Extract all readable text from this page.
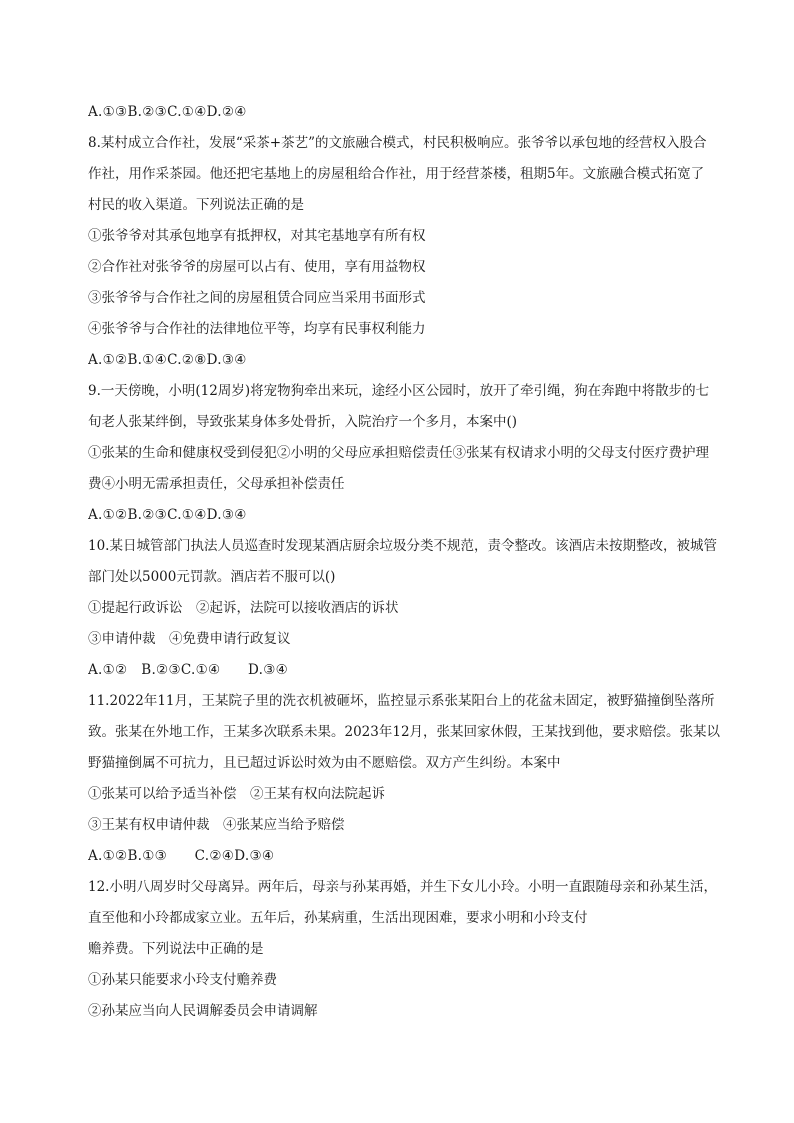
A.①③B.②③C.①④D.②④
8.某村成立合作社，发展“采茶+茶艺”的文旅融合模式，村民积极响应。张爷爷以承包地的经营权入股合
作社，用作采茶园。他还把宅基地上的房屋租给合作社，用于经营茶楼，租期5年。文旅融合模式拓宽了
村民的收入渠道。下列说法正确的是
①张爷爷对其承包地享有抵押权，对其宅基地享有所有权
②合作社对张爷爷的房屋可以占有、使用，享有用益物权
③张爷爷与合作社之间的房屋租赁合同应当采用书面形式
④张爷爷与合作社的法律地位平等，均享有民事权利能力
A.①②B.①④C.②⑧D.③④
9.一天傍晚，小明(12周岁)将宠物狗牵出来玩，途经小区公园时，放开了牵引绳，狗在奔跑中将散步的七
旬老人张某绊倒，导致张某身体多处骨折，入院治疗一个多月，本案中()
①张某的生命和健康权受到侵犯②小明的父母应承担赔偿责任③张某有权请求小明的父母支付医疗费护理
费④小明无需承担责任，父母承担补偿责任
A.①②B.②③C.①④D.③④
10.某日城管部门执法人员巡查时发现某酒店厨余垃圾分类不规范，责令整改。该酒店未按期整改，被城管
部门处以5000元罚款。酒店若不服可以()
①提起行政诉讼　②起诉，法院可以接收酒店的诉状
③申请仲裁　④免费申请行政复议
A.①②　B.②③C.①④　　D.③④
11.2022年11月，王某院子里的洗衣机被砸坏，监控显示系张某阳台上的花盆未固定，被野猫撞倒坠落所
致。张某在外地工作，王某多次联系未果。2023年12月，张某回家休假，王某找到他，要求赔偿。张某以
野猫撞倒属不可抗力，且已超过诉讼时效为由不愿赔偿。双方产生纠纷。本案中
①张某可以给予适当补偿　②王某有权向法院起诉
③王某有权申请仲裁　④张某应当给予赔偿
A.①②B.①③　　C.②④D.③④
12.小明八周岁时父母离异。两年后，母亲与孙某再婚，并生下女儿小玲。小明一直跟随母亲和孙某生活，
直至他和小玲都成家立业。五年后，孙某病重，生活出现困难，要求小明和小玲支付
赡养费。下列说法中正确的是
①孙某只能要求小玲支付赡养费
②孙某应当向人民调解委员会申请调解
